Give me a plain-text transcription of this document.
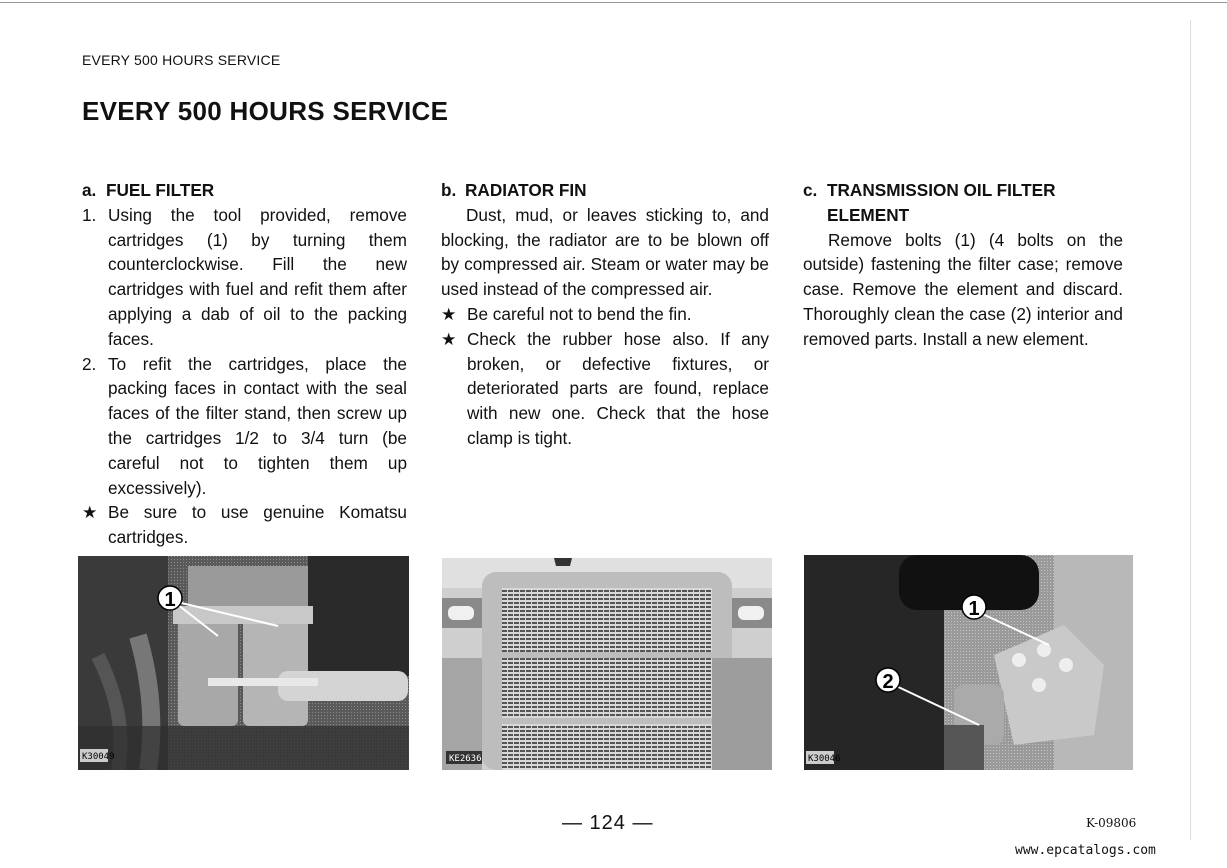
EVERY 500 HOURS SERVICE
EVERY 500 HOURS SERVICE
a. FUEL FILTER
1. Using the tool provided, remove cartridges (1) by turning them counterclockwise. Fill the new cartridges with fuel and refit them after applying a dab of oil to the packing faces.
2. To refit the cartridges, place the packing faces in contact with the seal faces of the filter stand, then screw up the cartridges 1/2 to 3/4 turn (be careful not to tighten them up excessively).
★ Be sure to use genuine Komatsu cartridges.
b. RADIATOR FIN

Dust, mud, or leaves sticking to, and blocking, the radiator are to be blown off by compressed air. Steam or water may be used instead of the compressed air.

★ Be careful not to bend the fin.
★ Check the rubber hose also. If any broken, or defective fixtures, or deteriorated parts are found, replace with new one. Check that the hose clamp is tight.
c. TRANSMISSION OIL FILTER ELEMENT

Remove bolts (1) (4 bolts on the outside) fastening the filter case; remove case. Remove the element and discard. Thoroughly clean the case (2) interior and removed parts. Install a new element.

1
K30049	KE2636
1
2
K30046
— 124 —	K-09806
www.epcatalogs.com
